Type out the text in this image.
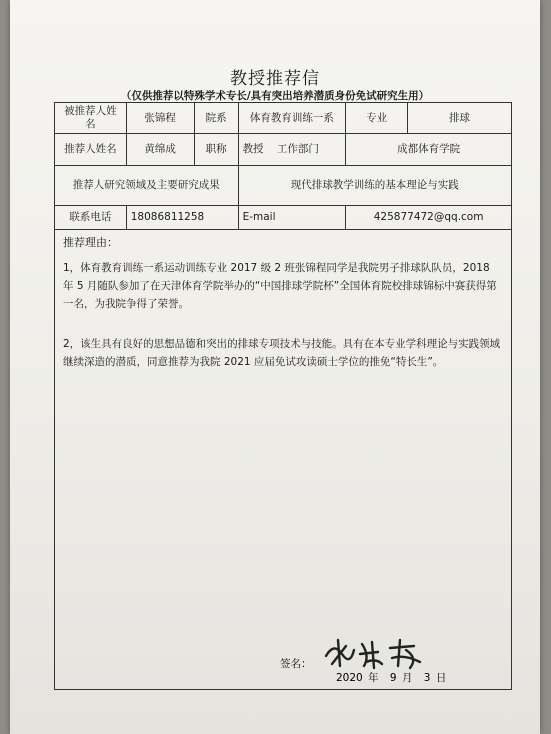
教授推荐信
（仅供推荐以特殊学术专长/具有突出培养潜质身份免试研究生用）
被推荐人姓名	张锦程	院系	体育教育训练一系	专业	排球
推荐人姓名	黄绵成	职称	教授 工作部门	成都体育学院	
推荐人研究领域及主要研究成果			现代排球教学训练的基本理论与实践		
联系电话	18086811258		E-mail	425877472@qq.com	

推荐理由：

1，体育教育训练一系运动训练专业 2017 级 2 班张锦程同学是我院男子排球队队员，2018 年 5 月随队参加了在天津体育学院举办的“中国排球学院杯”全国体育院校排球锦标中赛获得第一名，为我院争得了荣誉。

2，该生具有良好的思想品德和突出的排球专项技术与技能。具有在本专业学科理论与实践领域继续深造的潜质，同意推荐为我院 2021 应届免试攻读硕士学位的推免“特长生”。					

签名：
2020 年 9 月 3 日
